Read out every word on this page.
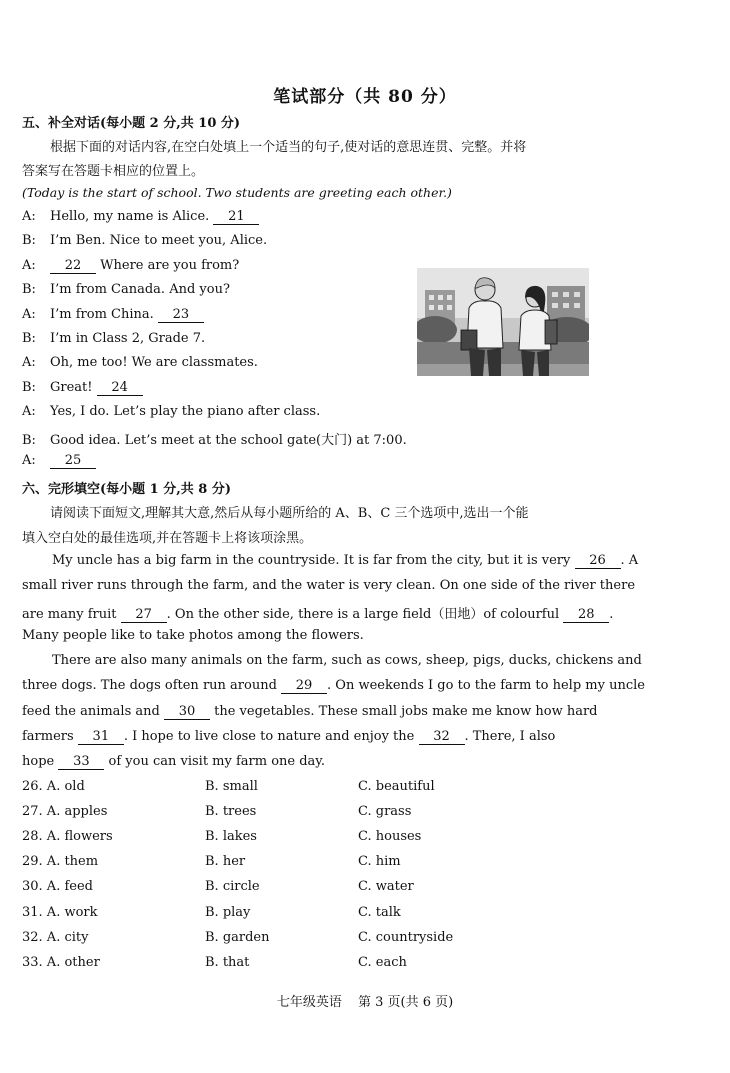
笔试部分（共 80 分）
五、补全对话(每小题 2 分,共 10 分)
根据下面的对话内容,在空白处填上一个适当的句子,使对话的意思连贯、完整。并将
答案写在答题卡相应的位置上。
(Today is the start of school. Two students are greeting each other.)
A: Hello, my name is Alice. 21
B: I’m Ben. Nice to meet you, Alice.
A: 22 Where are you from?
B: I’m from Canada. And you?
A: I’m from China. 23
B: I’m in Class 2, Grade 7.
A: Oh, me too! We are classmates.
B: Great! 24
A: Yes, I do. Let’s play the piano after class.
B: Good idea. Let’s meet at the school gate(大门) at 7:00.
A: 25
六、完形填空(每小题 1 分,共 8 分)
请阅读下面短文,理解其大意,然后从每小题所给的 A、B、C 三个选项中,选出一个能
填入空白处的最佳选项,并在答题卡上将该项涂黑。
My uncle has a big farm in the countryside. It is far from the city, but it is very 26 . A
small river runs through the farm, and the water is very clean. On one side of the river there
are many fruit 27 . On the other side, there is a large field（田地）of colourful 28 .
Many people like to take photos among the flowers.
There are also many animals on the farm, such as cows, sheep, pigs, ducks, chickens and
three dogs. The dogs often run around 29 . On weekends I go to the farm to help my uncle
feed the animals and 30 the vegetables. These small jobs make me know how hard
farmers 31 . I hope to live close to nature and enjoy the 32 . There, I also
hope 33 of you can visit my farm one day.
26. A. old	B. small	C. beautiful
27. A. apples	B. trees	C. grass
28. A. flowers	B. lakes	C. houses
29. A. them	B. her	C. him
30. A. feed	B. circle	C. water
31. A. work	B. play	C. talk
32. A. city	B. garden	C. countryside
33. A. other	B. that	C. each
七年级英语 第 3 页(共 6 页)
